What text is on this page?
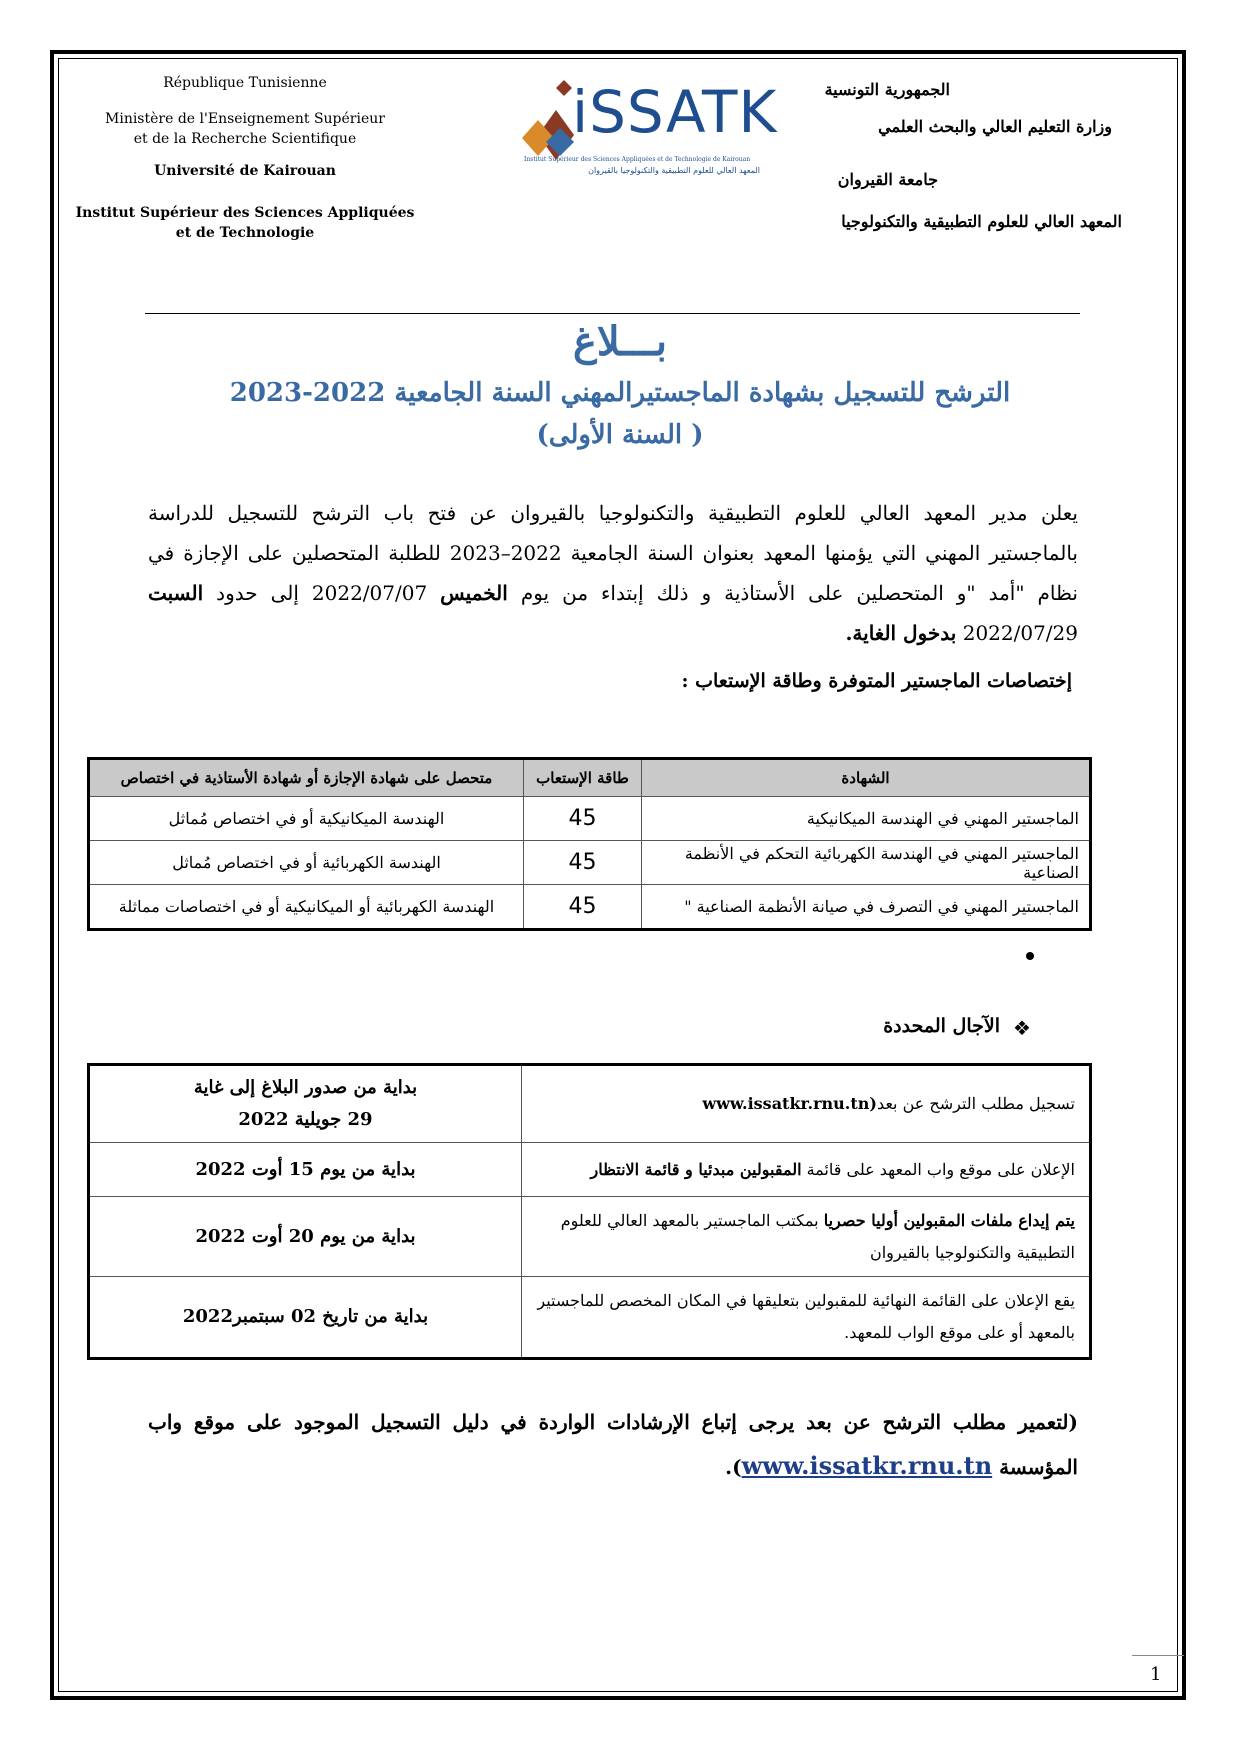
République Tunisienne
Ministère de l'Enseignement Supérieur
et de la Recherche Scientifique
Université de Kairouan
Institut Supérieur des Sciences Appliquées
et de Technologie
iSSATK
Institut Supérieur des Sciences Appliquées et de Technologie de Kairouan
المعهد العالي للعلوم التطبيقية والتكنولوجيا بالقيروان
الجمهورية التونسية
وزارة التعليم العالي والبحث العلمي
جامعة القيروان
المعهد العالي للعلوم التطبيقية والتكنولوجيا
بـــلاغ
الترشح للتسجيل بشهادة الماجستيرالمهني السنة الجامعية 2022-2023
( السنة الأولى)
يعلن مدير المعهد العالي للعلوم التطبيقية والتكنولوجيا بالقيروان عن فتح باب الترشح للتسجيل للدراسة بالماجستير المهني التي يؤمنها المعهد بعنوان السنة الجامعية 2022–2023 للطلبة المتحصلين على الإجازة في نظام "أمد "و المتحصلين على الأستاذية و ذلك إبتداء من يوم الخميس 2022/07/07 إلى حدود السبت 2022/07/29 بدخول الغاية.
إختصاصات الماجستير المتوفرة وطاقة الإستعاب :
الشهادة	طاقة الإستعاب	متحصل على شهادة الإجازة أو شهادة الأستاذية في اختصاص
الماجستير المهني في الهندسة الميكانيكية	45	الهندسة الميكانيكية أو في اختصاص مُماثل
الماجستير المهني في الهندسة الكهربائية التحكم في الأنظمة الصناعية	45	الهندسة الكهربائية أو في اختصاص مُماثل
الماجستير المهني في التصرف في صيانة الأنظمة الصناعية "	45	الهندسة الكهربائية أو الميكانيكية أو في اختصاصات مماثلة
❖
الآجال المحددة
تسجيل مطلب الترشح عن بعد(www.issatkr.rnu.tn	بداية من صدور البلاغ إلى غاية
29 جويلية 2022

الإعلان على موقع واب المعهد على قائمة المقبولين مبدئيا و قائمة الانتظار	بداية من يوم 15 أوت 2022

يتم إيداع ملفات المقبولين أوليا حصريا بمكتب الماجستير بالمعهد العالي للعلوم التطبيقية والتكنولوجيا بالقيروان	بداية من يوم 20 أوت 2022

يقع الإعلان على القائمة النهائية للمقبولين بتعليقها في المكان المخصص للماجستير بالمعهد أو على موقع الواب للمعهد.	بداية من تاريخ 02 سبتمبر2022
(لتعمير مطلب الترشح عن بعد يرجى إتباع الإرشادات الواردة في دليل التسجيل الموجود على موقع واب المؤسسة www.issatkr.rnu.tn).
1
